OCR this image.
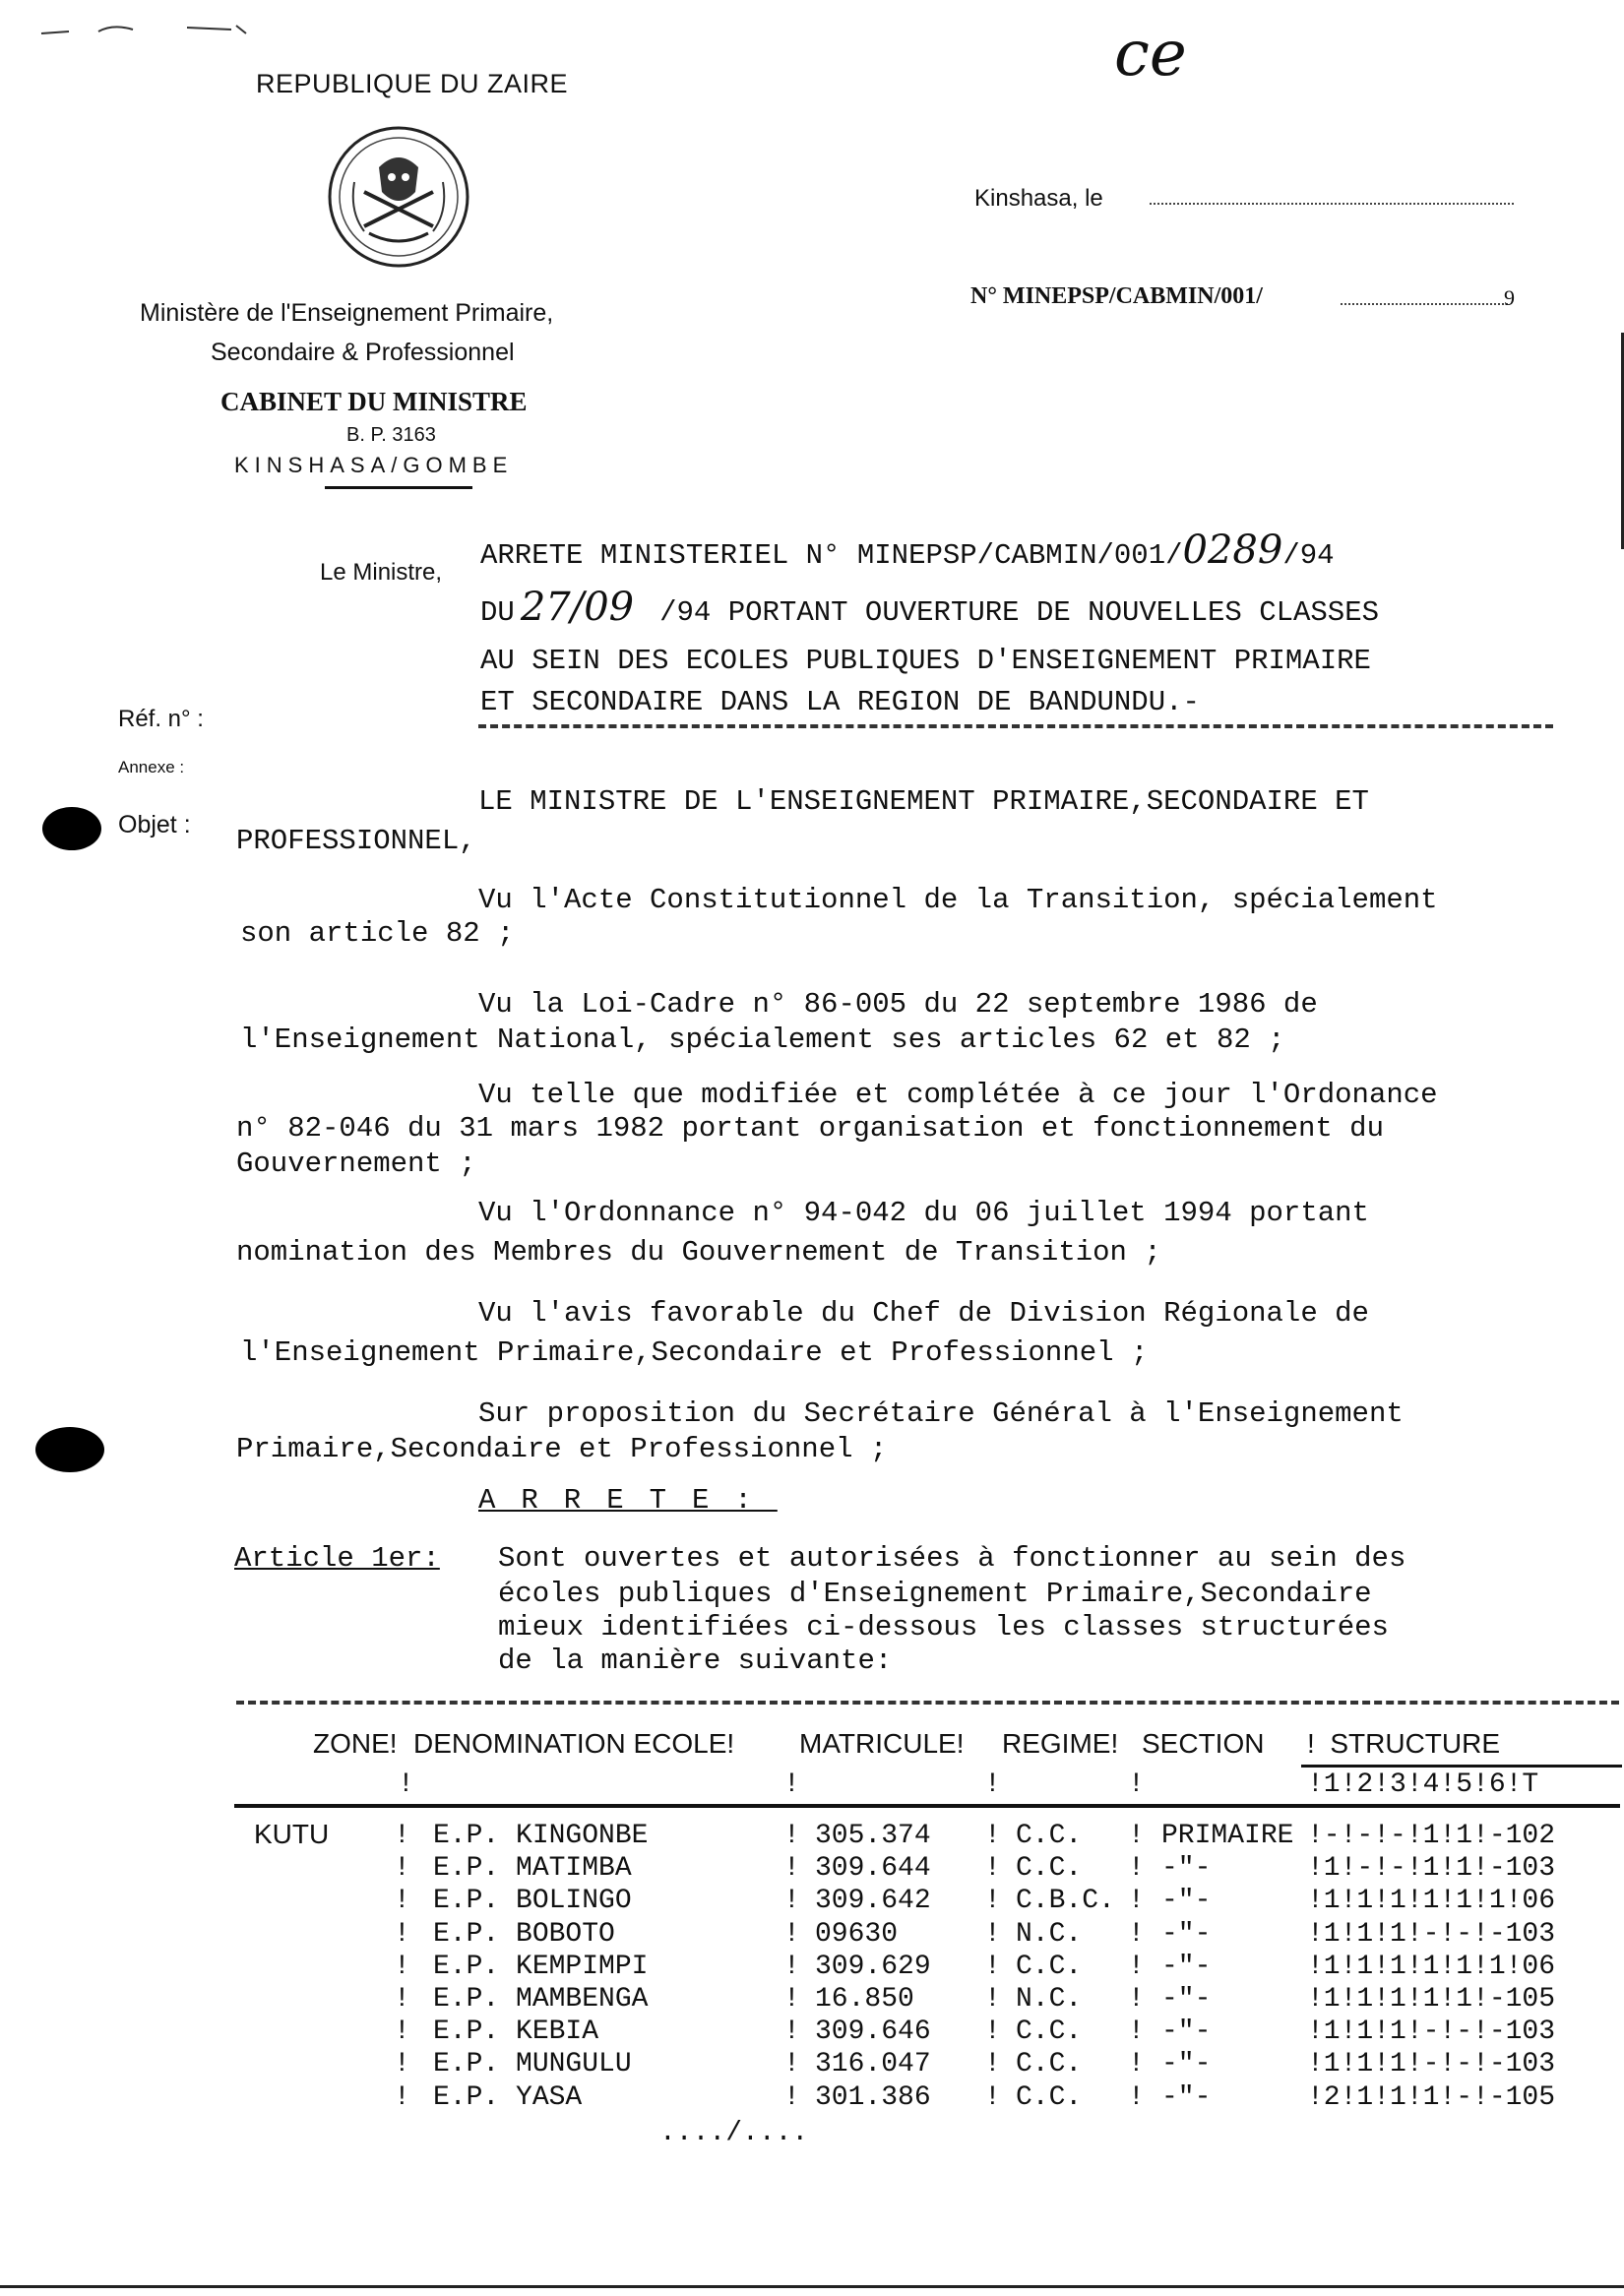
REPUBLIQUE DU ZAIRE
Ministère de l'Enseignement Primaire,
Secondaire & Professionnel
CABINET DU MINISTRE
B. P. 3163
KINSHASA/GOMBE
ce
Kinshasa, le
N° MINEPSP/CABMIN/001/	9
Le Ministre,
Réf. n° :
Annexe :
Objet :
ARRETE MINISTERIEL N° MINEPSP/CABMIN/001/0289/94
DU 27/09 /94 PORTANT OUVERTURE DE NOUVELLES CLASSES
AU SEIN DES ECOLES PUBLIQUES D'ENSEIGNEMENT PRIMAIRE
ET SECONDAIRE DANS LA REGION DE BANDUNDU.-
LE MINISTRE DE L'ENSEIGNEMENT PRIMAIRE,SECONDAIRE ET
PROFESSIONNEL,
Vu l'Acte Constitutionnel de la Transition, spécialement
son article 82 ;
Vu la Loi-Cadre n° 86-005 du 22 septembre 1986 de
l'Enseignement National, spécialement ses articles 62 et 82 ;
Vu telle que modifiée et complétée à ce jour l'Ordonance
n° 82-046 du 31 mars 1982 portant organisation et fonctionnement du
Gouvernement ;
Vu l'Ordonnance n° 94-042 du 06 juillet 1994 portant
nomination des Membres du Gouvernement de Transition ;
Vu l'avis favorable du Chef de Division Régionale de
l'Enseignement Primaire,Secondaire et Professionnel ;
Sur proposition du Secrétaire Général à l'Enseignement
Primaire,Secondaire et Professionnel ;
ARRETE:
Article 1er: Sont ouvertes et autorisées à fonctionner au sein des
écoles publiques d'Enseignement Primaire,Secondaire
mieux identifiées ci-dessous les classes structurées
de la manière suivante:
ZONE! DENOMINATION ECOLE! MATRICULE! REGIME! SECTION !  STRUCTURE
!	!	!	!	!1!2!3!4!5!6!T
KUTU ! E.P. KINGONBE	! 305.374 ! C.C. ! PRIMAIRE !-!-!-!1!1!-102
! E.P. MATIMBA	! 309.644 ! C.C. ! -"-	!1!-!-!1!1!-103
! E.P. BOLINGO	! 309.642 ! C.B.C. ! -"-	!1!1!1!1!1!1!06
! E.P. BOBOTO	! 09630	! N.C. ! -"-	!1!1!1!-!-!-103
! E.P. KEMPIMPI	! 309.629 ! C.C. ! -"-	!1!1!1!1!1!1!06
! E.P. MAMBENGA	! 16.850	! N.C. ! -"-	!1!1!1!1!1!-105
! E.P. KEBIA	! 309.646 ! C.C. ! -"-	!1!1!1!-!-!-103
! E.P. MUNGULU	! 316.047 ! C.C. ! -"-	!1!1!1!-!-!-103
! E.P. YASA	! 301.386 ! C.C. ! -"-	!2!1!1!1!-!-105
..../....
